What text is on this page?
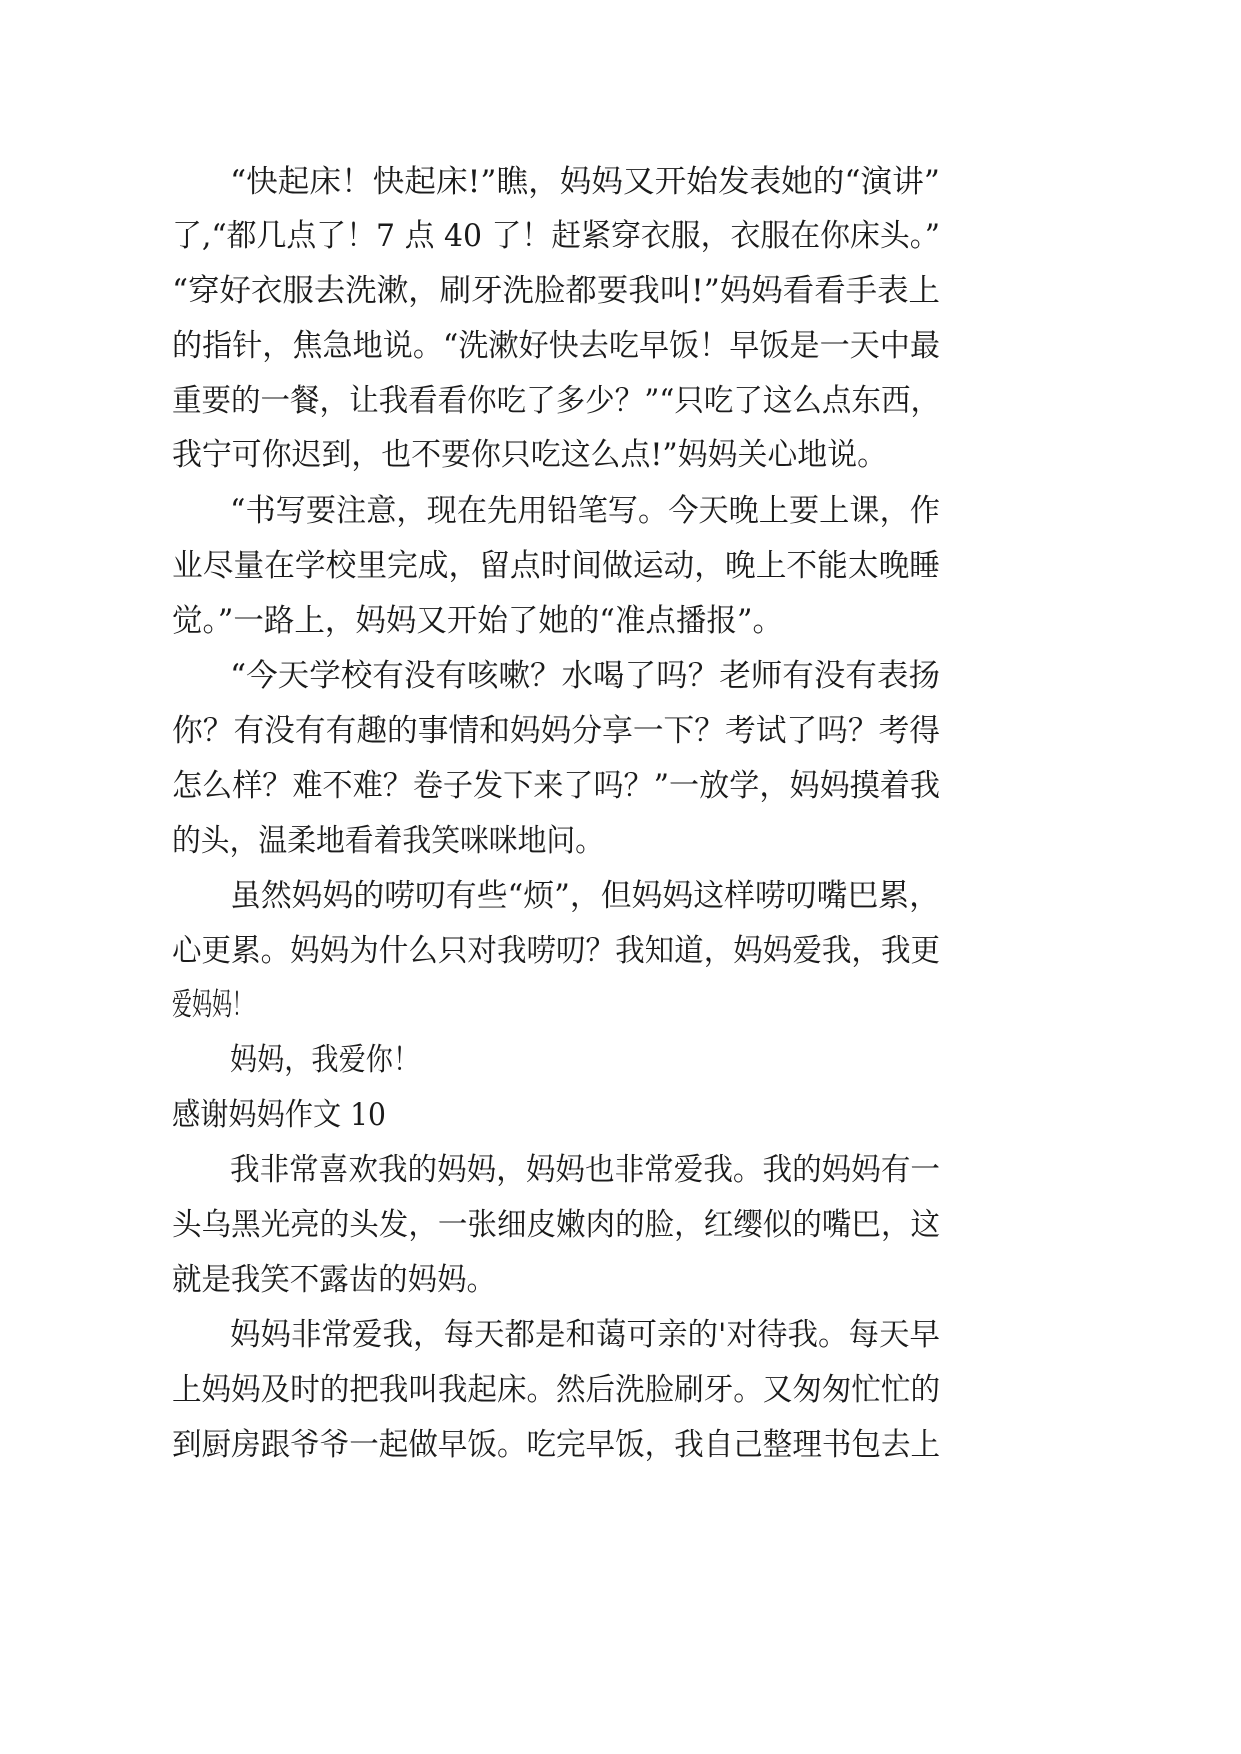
“快起床！快起床!”瞧，妈妈又开始发表她的“演讲”
了,“都几点了！7 点 40 了！赶紧穿衣服，衣服在你床头。”
“穿好衣服去洗漱，刷牙洗脸都要我叫!”妈妈看看手表上
的指针，焦急地说。“洗漱好快去吃早饭！早饭是一天中最
重要的一餐，让我看看你吃了多少？”“只吃了这么点东西，
我宁可你迟到，也不要你只吃这么点!”妈妈关心地说。
“书写要注意，现在先用铅笔写。今天晚上要上课，作
业尽量在学校里完成，留点时间做运动，晚上不能太晚睡
觉。”一路上，妈妈又开始了她的“准点播报”。
“今天学校有没有咳嗽？水喝了吗？老师有没有表扬
你？有没有有趣的事情和妈妈分享一下？考试了吗？考得
怎么样？难不难？卷子发下来了吗？”一放学，妈妈摸着我
的头，温柔地看着我笑咪咪地问。
虽然妈妈的唠叨有些“烦”，但妈妈这样唠叨嘴巴累，
心更累。妈妈为什么只对我唠叨？我知道，妈妈爱我，我更
爱妈妈！
妈妈，我爱你！
感谢妈妈作文 10
我非常喜欢我的妈妈，妈妈也非常爱我。我的妈妈有一
头乌黑光亮的头发，一张细皮嫩肉的脸，红缨似的嘴巴，这
就是我笑不露齿的妈妈。
妈妈非常爱我，每天都是和蔼可亲的'对待我。每天早
上妈妈及时的把我叫我起床。然后洗脸刷牙。又匆匆忙忙的
到厨房跟爷爷一起做早饭。吃完早饭，我自己整理书包去上
